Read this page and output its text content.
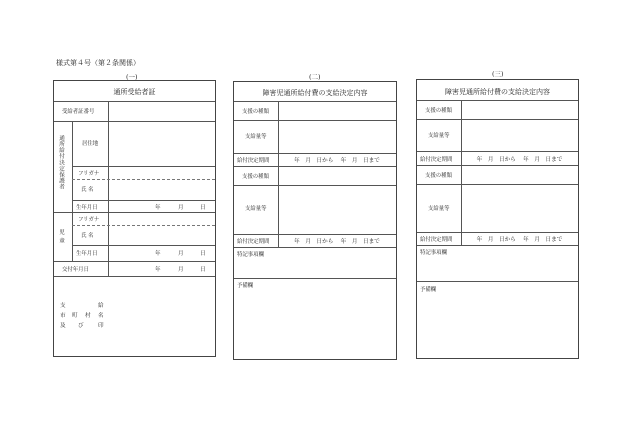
様式第４号（第２条関係）
(一)
通所受給者証
受給者証番号
通所給付決定保護者	居住地
フリガナ
氏 名
生年月日	年	月	日
児 童
フリガナ
氏 名
生年月日	年	月	日
交付年月日	年	月	日
支	給
市 町 村 名
及 び	印
(二)
障害児通所給付費の支給決定内容
支援の種類
支給量等
給付決定期間	年　月　日から　 年　月　日まで
支援の種類
支給量等
給付決定期間	年　月　日から　 年　月　日まで
特記事項欄
予備欄
(三)
障害児通所給付費の支給決定内容
支援の種類
支給量等
給付決定期間	年　月　日から　 年　月　日まで
支援の種類
支給量等
給付決定期間	年　月　日から　 年　月　日まで
特記事項欄
予備欄
